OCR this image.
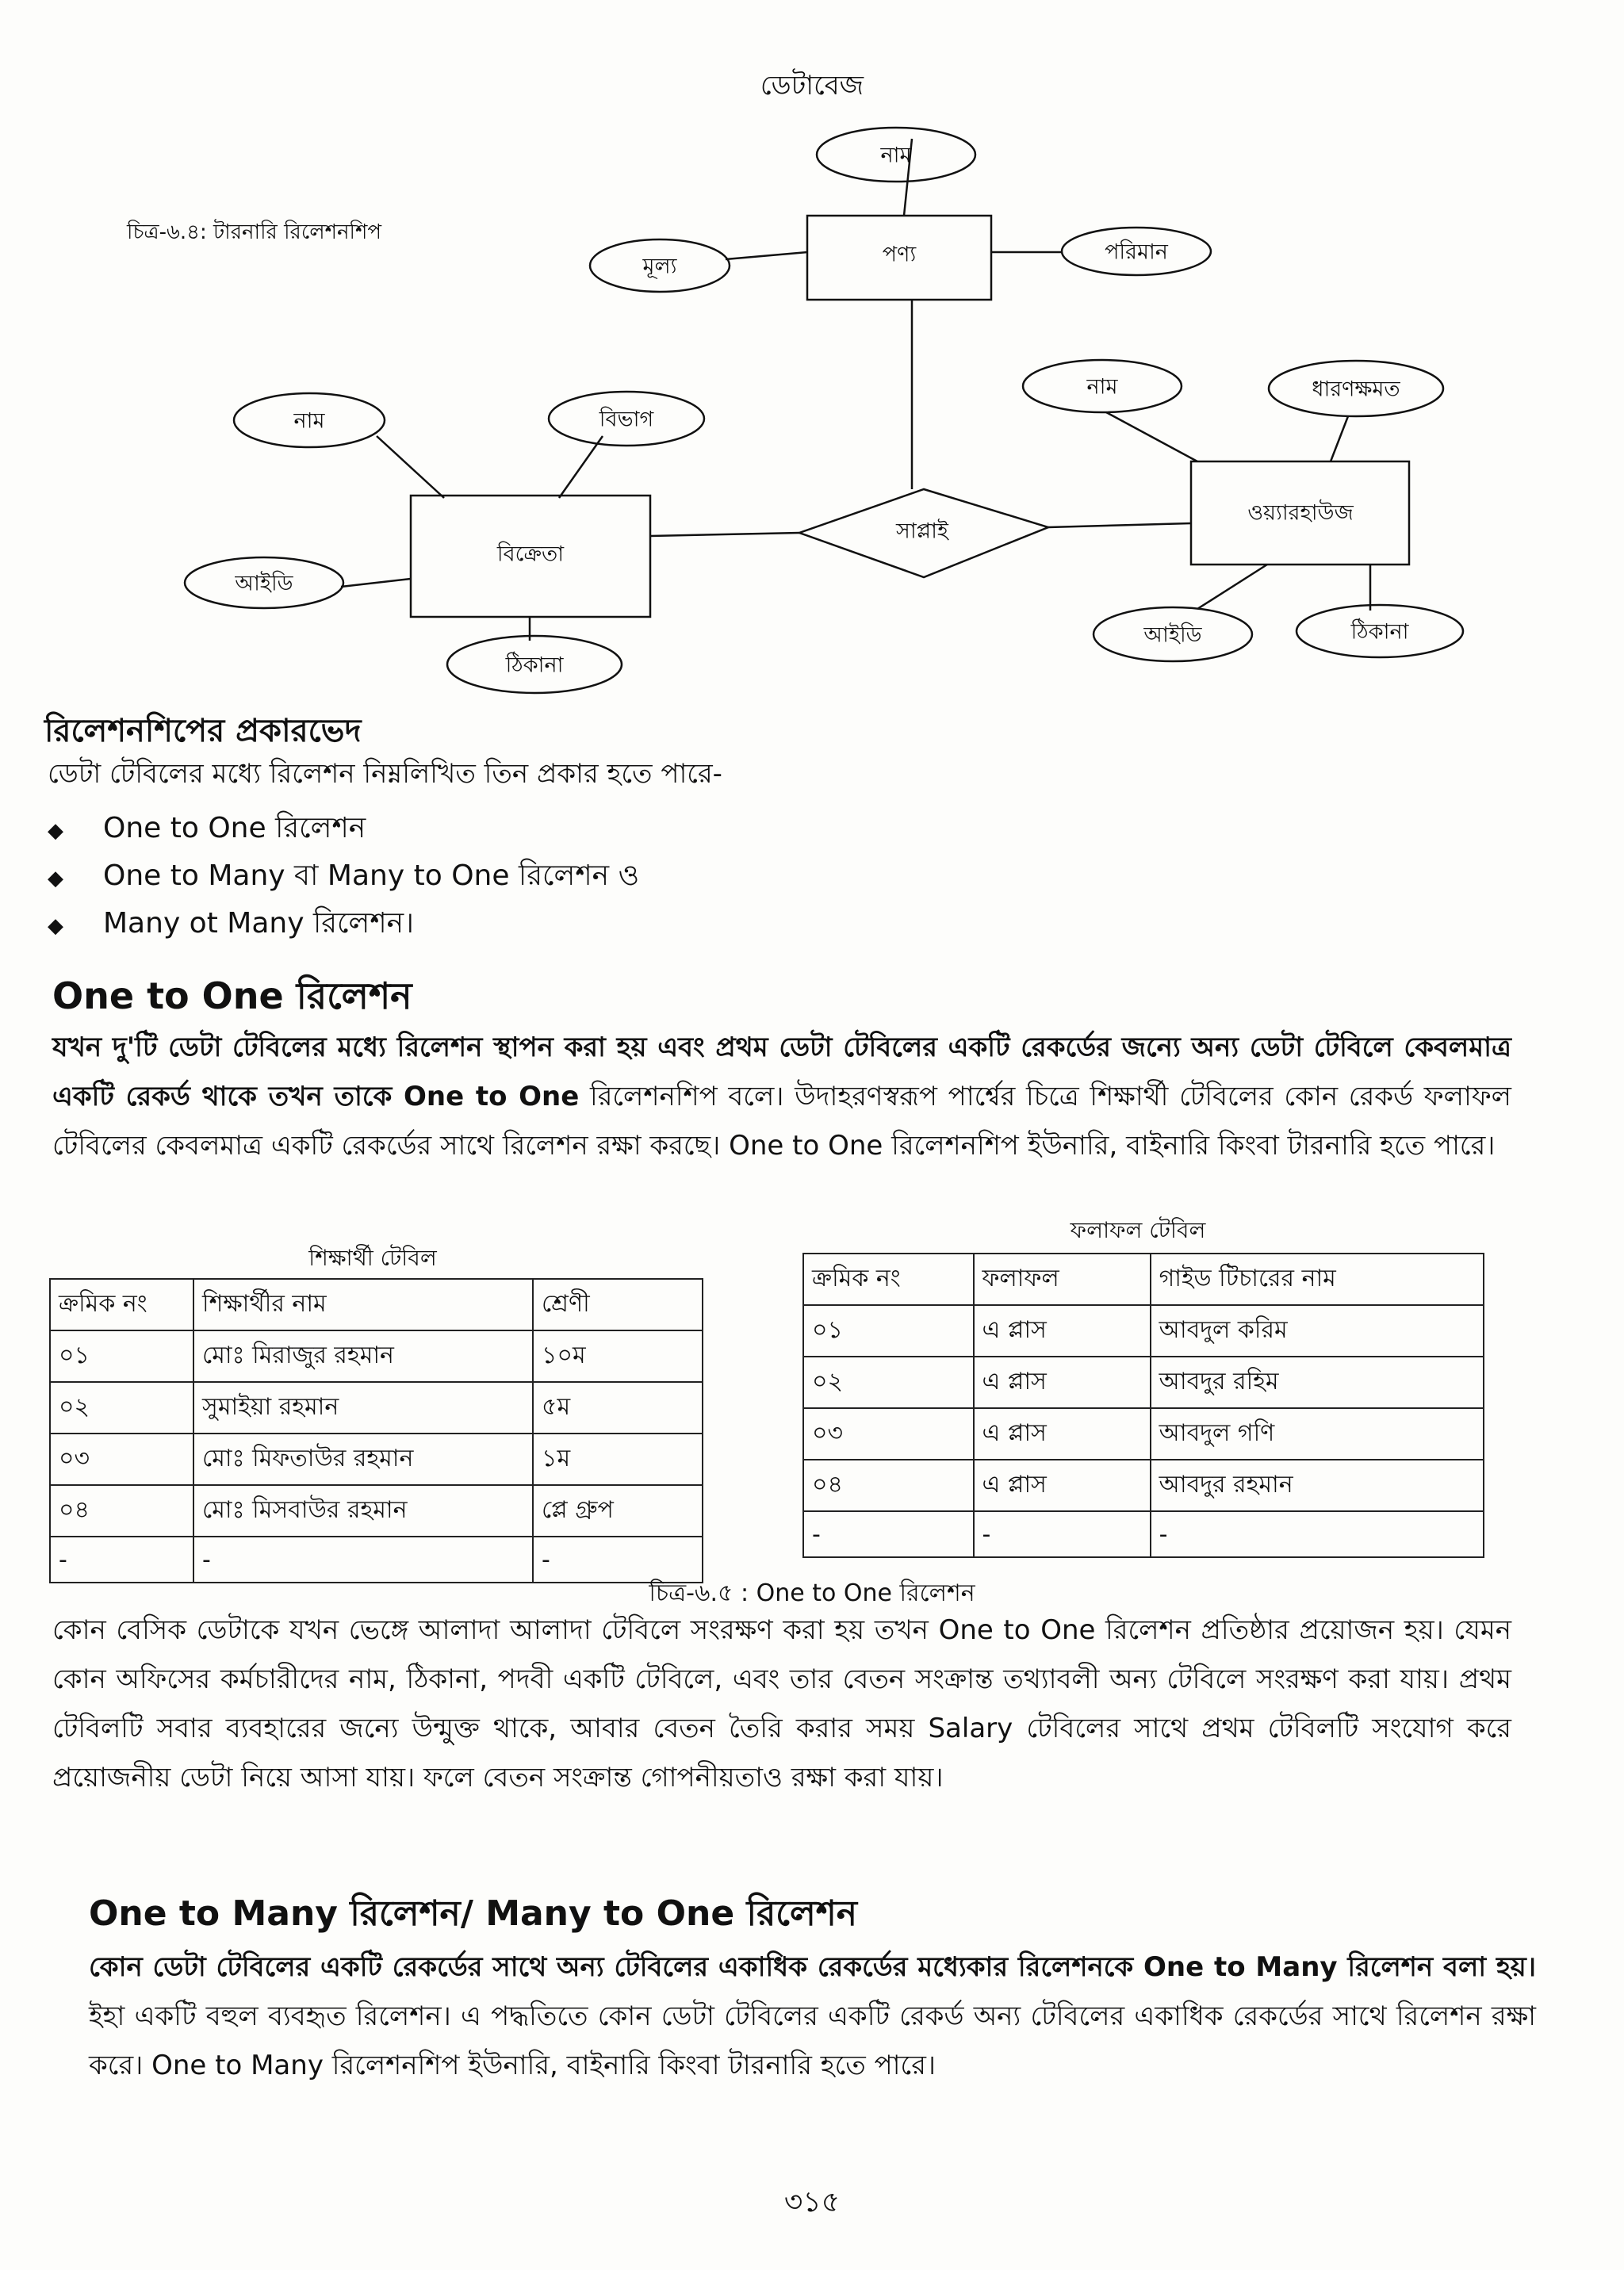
ডেটাবেজ
চিত্র-৬.৪: টারনারি রিলেশনশিপ
পণ্য
বিক্রেতা
ওয়্যারহাউজ
সাপ্লাই
নাম
মূল্য
পরিমান
নাম	বিভাগ
আইডি
ঠিকানা
নাম	ধারণক্ষমত
আইডি	ঠিকানা
রিলেশনশিপের প্রকারভেদ
ডেটা টেবিলের মধ্যে রিলেশন নিম্নলিখিত তিন প্রকার হতে পারে-
◆ One to One রিলেশন
◆ One to Many বা Many to One রিলেশন ও
◆ Many ot Many রিলেশন।
One to One রিলেশন
যখন দু'টি ডেটা টেবিলের মধ্যে রিলেশন স্থাপন করা হয় এবং প্রথম ডেটা টেবিলের একটি রেকর্ডের জন্যে অন্য ডেটা টেবিলে কেবলমাত্র একটি রেকর্ড থাকে তখন তাকে One to One রিলেশনশিপ বলে। উদাহরণস্বরূপ পার্শ্বের চিত্রে শিক্ষার্থী টেবিলের কোন রেকর্ড ফলাফল টেবিলের কেবলমাত্র একটি রেকর্ডের সাথে রিলেশন রক্ষা করছে। One to One রিলেশনশিপ ইউনারি, বাইনারি কিংবা টারনারি হতে পারে।
শিক্ষার্থী টেবিল
ক্রমিক নং	শিক্ষার্থীর নাম	শ্রেণী
০১	মোঃ মিরাজুর রহমান	১০ম
০২	সুমাইয়া রহমান	৫ম
০৩	মোঃ মিফতাউর রহমান	১ম
০৪	মোঃ মিসবাউর রহমান	প্লে গ্রুপ
-	-	-
ফলাফল টেবিল
ক্রমিক নং	ফলাফল	গাইড টিচারের নাম
০১	এ প্লাস	আবদুল করিম
০২	এ প্লাস	আবদুর রহিম
০৩	এ প্লাস	আবদুল গণি
০৪	এ প্লাস	আবদুর রহমান
-	-	-
চিত্র-৬.৫ : One to One রিলেশন
কোন বেসিক ডেটাকে যখন ভেঙ্গে আলাদা আলাদা টেবিলে সংরক্ষণ করা হয় তখন One to One রিলেশন প্রতিষ্ঠার প্রয়োজন হয়। যেমন কোন অফিসের কর্মচারীদের নাম, ঠিকানা, পদবী একটি টেবিলে, এবং তার বেতন সংক্রান্ত তথ্যাবলী অন্য টেবিলে সংরক্ষণ করা যায়। প্রথম টেবিলটি সবার ব্যবহারের জন্যে উন্মুক্ত থাকে, আবার বেতন তৈরি করার সময় Salary টেবিলের সাথে প্রথম টেবিলটি সংযোগ করে প্রয়োজনীয় ডেটা নিয়ে আসা যায়। ফলে বেতন সংক্রান্ত গোপনীয়তাও রক্ষা করা যায়।
One to Many রিলেশন/ Many to One রিলেশন
কোন ডেটা টেবিলের একটি রেকর্ডের সাথে অন্য টেবিলের একাধিক রেকর্ডের মধ্যেকার রিলেশনকে One to Many রিলেশন বলা হয়। ইহা একটি বহুল ব্যবহৃত রিলেশন। এ পদ্ধতিতে কোন ডেটা টেবিলের একটি রেকর্ড অন্য টেবিলের একাধিক রেকর্ডের সাথে রিলেশন রক্ষা করে। One to Many রিলেশনশিপ ইউনারি, বাইনারি কিংবা টারনারি হতে পারে।
৩১৫
